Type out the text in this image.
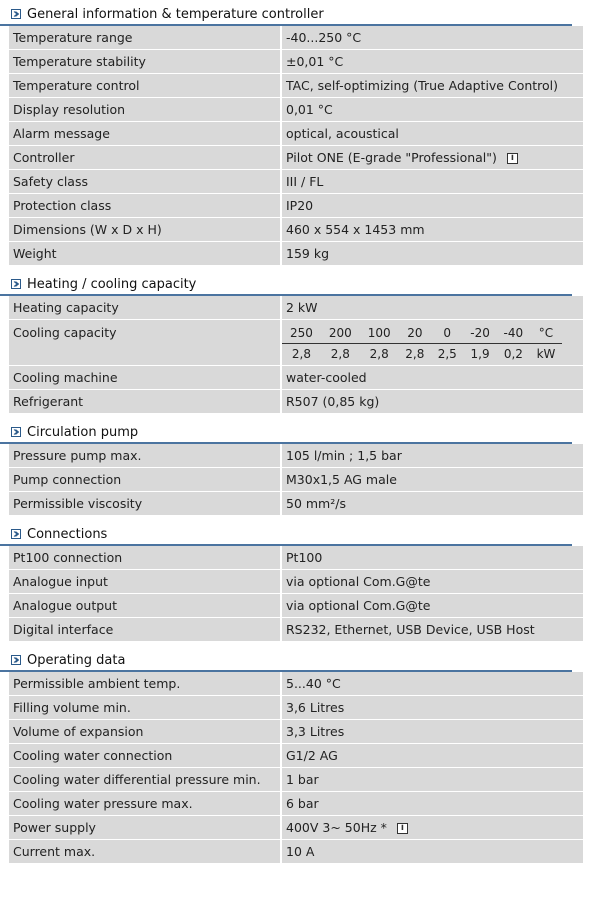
General information & temperature controller
Temperature range	-40...250 °C
Temperature stability	±0,01 °C
Temperature control	TAC, self-optimizing (True Adaptive Control)
Display resolution	0,01 °C
Alarm message	optical, acoustical
Controller	Pilot ONE (E-grade "Professional") i
Safety class	III / FL
Protection class	IP20
Dimensions (W x D x H)	460 x 554 x 1453 mm
Weight	159 kg
Heating / cooling capacity
Heating capacity	2 kW
Cooling capacity		250	200	100	20	0	-20	-40	°C
2,8	2,8	2,8	2,8	2,5	1,9	0,2	kW

Cooling machine	water-cooled
Refrigerant	R507 (0,85 kg)
Circulation pump
Pressure pump max.	105 l/min ; 1,5 bar
Pump connection	M30x1,5 AG male
Permissible viscosity	50 mm²/s
Connections
Pt100 connection	Pt100
Analogue input	via optional Com.G@te
Analogue output	via optional Com.G@te
Digital interface	RS232, Ethernet, USB Device, USB Host
Operating data
Permissible ambient temp.	5...40 °C
Filling volume min.	3,6 Litres
Volume of expansion	3,3 Litres
Cooling water connection	G1/2 AG
Cooling water differential pressure min.	1 bar
Cooling water pressure max.	6 bar
Power supply	400V 3~ 50Hz * i
Current max.	10 A
